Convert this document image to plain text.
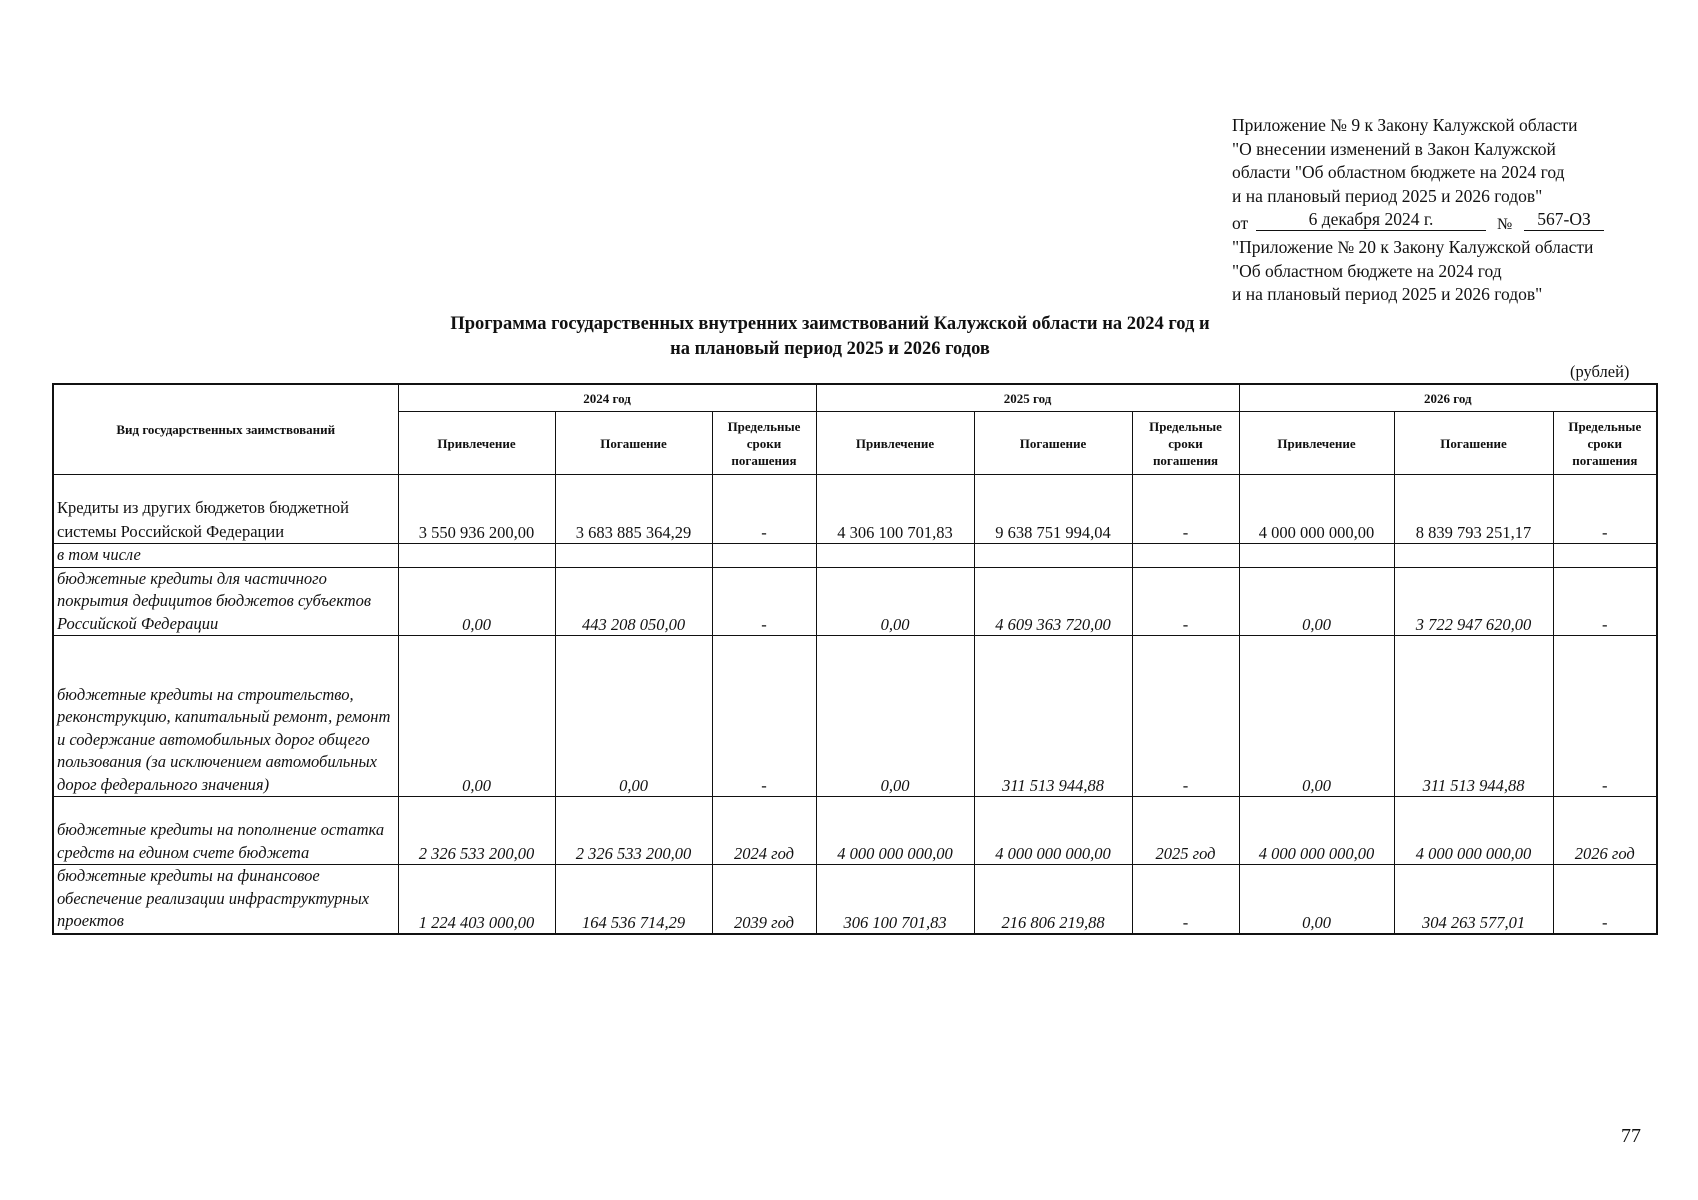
Приложение № 9 к Закону Калужской области
"О внесении изменений в Закон Калужской
области "Об областном бюджете на 2024 год
и на плановый период 2025 и 2026 годов"
от	6 декабря 2024 г.	№	567-ОЗ
"Приложение № 20 к Закону Калужской области
"Об областном бюджете на 2024 год
и на плановый период 2025 и 2026 годов"
Программа государственных внутренних заимствований Калужской области на 2024 год и
на плановый период 2025 и 2026 годов
(рублей)
Вид государственных заимствований	2024 год			2025 год			2026 год		
	Привлечение	Погашение	Предельные сроки погашения	Привлечение	Погашение	Предельные сроки погашения	Привлечение	Погашение	Предельные сроки погашения
Кредиты из других бюджетов бюджетной системы Российской Федерации	3 550 936 200,00	3 683 885 364,29	-	4 306 100 701,83	9 638 751 994,04	-	4 000 000 000,00	8 839 793 251,17	-
в том числе									
бюджетные кредиты для частичного покрытия дефицитов бюджетов субъектов Российской Федерации	0,00	443 208 050,00	-	0,00	4 609 363 720,00	-	0,00	3 722 947 620,00	-
бюджетные кредиты на строительство, реконструкцию, капитальный ремонт, ремонт и содержание автомобильных дорог общего пользования (за исключением автомобильных дорог федерального значения)	0,00	0,00	-	0,00	311 513 944,88	-	0,00	311 513 944,88	-
бюджетные кредиты на пополнение остатка средств на едином счете бюджета	2 326 533 200,00	2 326 533 200,00	2024 год	4 000 000 000,00	4 000 000 000,00	2025 год	4 000 000 000,00	4 000 000 000,00	2026 год
бюджетные кредиты на финансовое обеспечение реализации инфраструктурных проектов	1 224 403 000,00	164 536 714,29	2039 год	306 100 701,83	216 806 219,88	-	0,00	304 263 577,01	-
77
